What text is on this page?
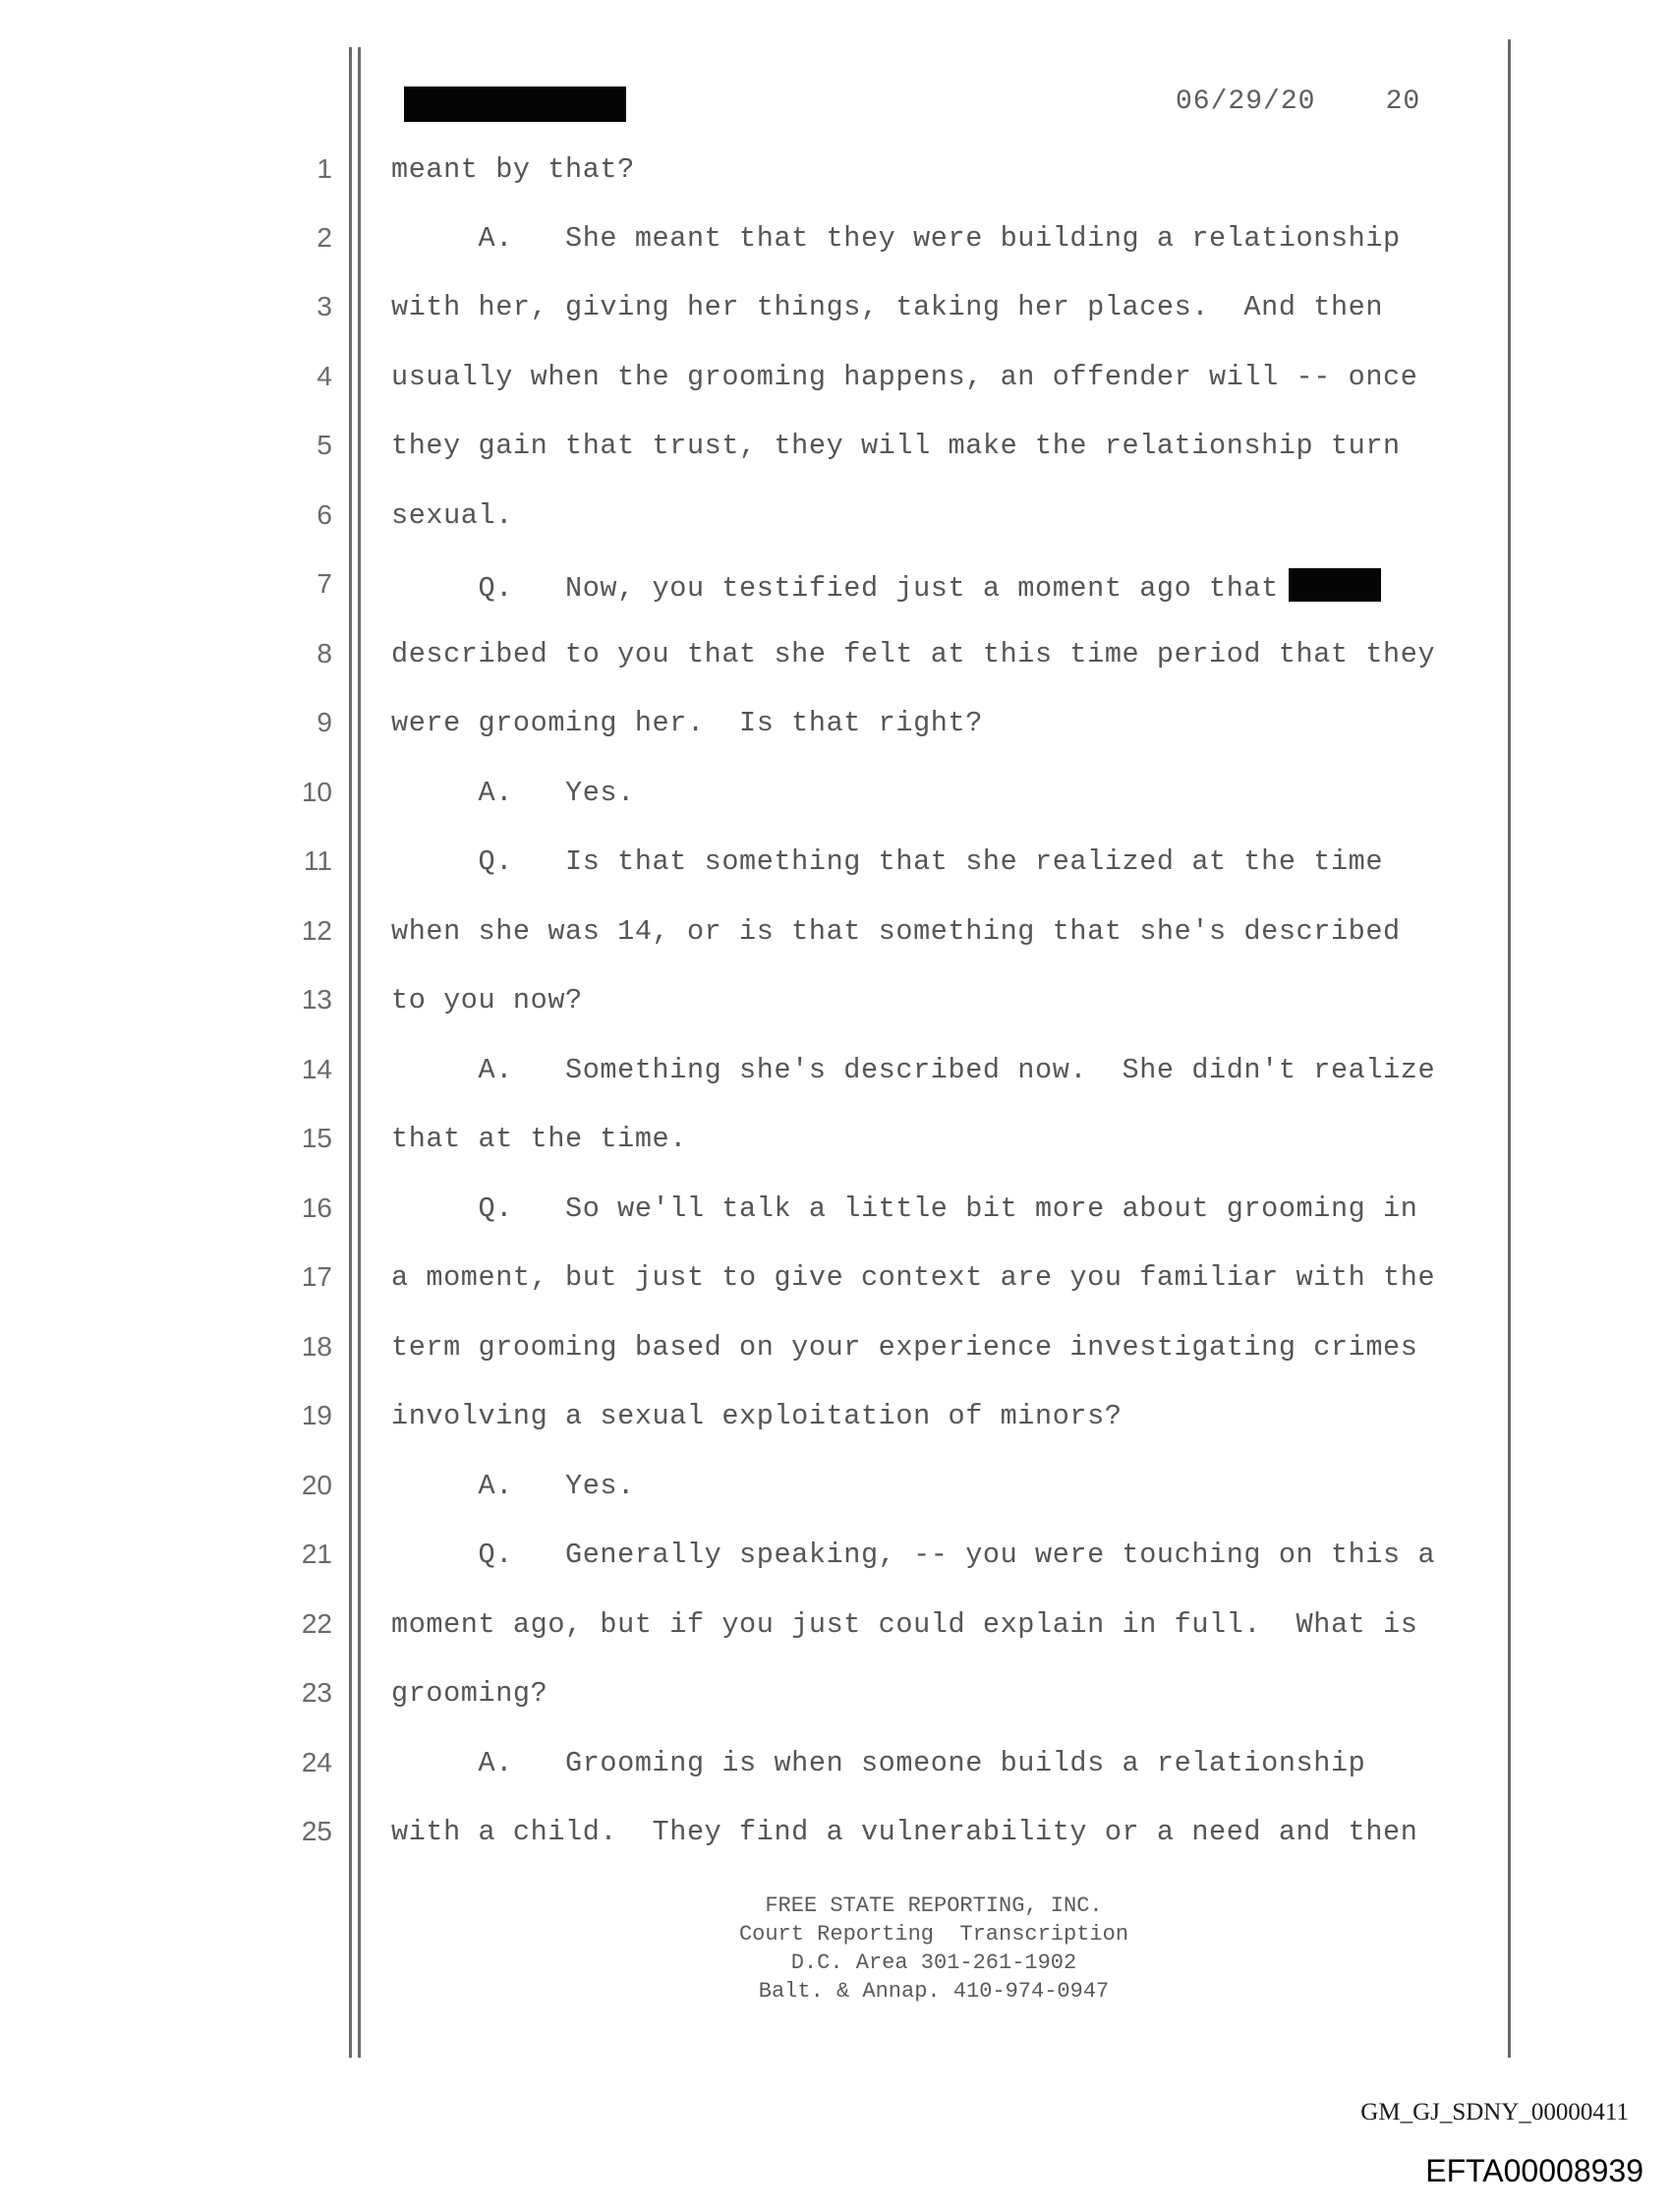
06/29/20    20
1 meant by that?
2 A.   She meant that they were building a relationship
3 with her, giving her things, taking her places.  And then
4 usually when the grooming happens, an offender will -- once
5 they gain that trust, they will make the relationship turn
6 sexual.
7 Q.   Now, you testified just a moment ago that
8 described to you that she felt at this time period that they
9 were grooming her.  Is that right?
10 A.   Yes.
11 Q.   Is that something that she realized at the time
12 when she was 14, or is that something that she's described
13 to you now?
14 A.   Something she's described now.  She didn't realize
15 that at the time.
16 Q.   So we'll talk a little bit more about grooming in
17 a moment, but just to give context are you familiar with the
18 term grooming based on your experience investigating crimes
19 involving a sexual exploitation of minors?
20 A.   Yes.
21 Q.   Generally speaking, -- you were touching on this a
22 moment ago, but if you just could explain in full.  What is
23 grooming?
24 A.   Grooming is when someone builds a relationship
25 with a child.  They find a vulnerability or a need and then
FREE STATE REPORTING, INC.
Court Reporting  Transcription
D.C. Area 301-261-1902
Balt. & Annap. 410-974-0947
GM_GJ_SDNY_00000411
EFTA00008939
